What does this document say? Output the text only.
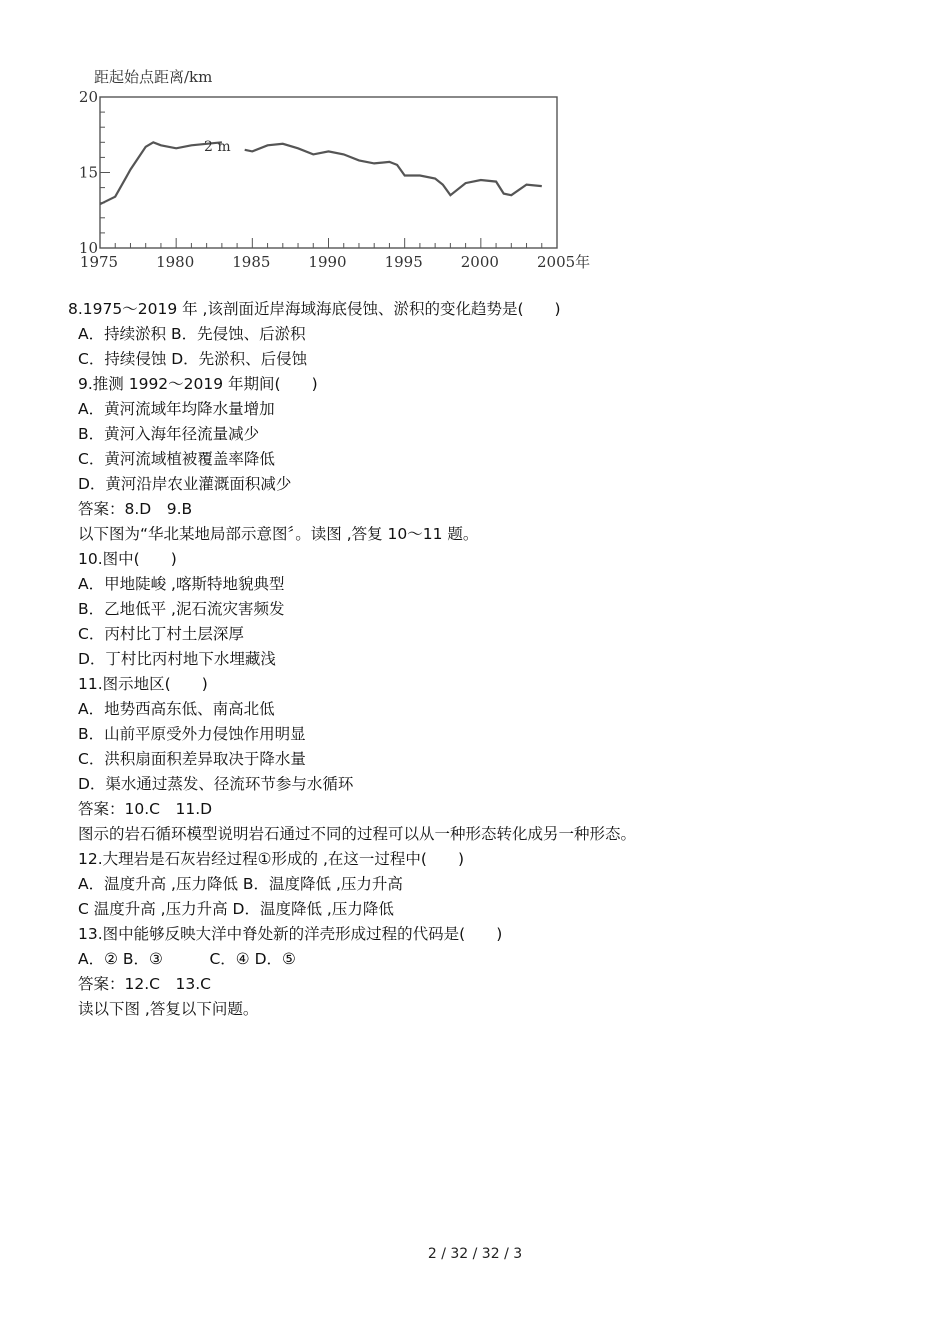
距起始点距离/km
1975	1980	1985	1990	1995	2000	2005年
20
15
10
2 m
8.1975～2019 年 ,该剖面近岸海域海底侵蚀、淤积的变化趋势是(　　)
A．持续淤积 B．先侵蚀、后淤积
C．持续侵蚀 D．先淤积、后侵蚀
9.推测 1992～2019 年期间(　　)
A．黄河流域年均降水量增加
B．黄河入海年径流量减少
C．黄河流域植被覆盖率降低
D．黄河沿岸农业灌溉面积减少
答案：8.D　9.B
以下图为“华北某地局部示意图〞。读图 ,答复 10～11 题。
10.图中(　　)
A．甲地陡峻 ,喀斯特地貌典型
B．乙地低平 ,泥石流灾害频发
C．丙村比丁村土层深厚
D．丁村比丙村地下水埋藏浅
11.图示地区(　　)
A．地势西高东低、南高北低
B．山前平原受外力侵蚀作用明显
C．洪积扇面积差异取决于降水量
D．渠水通过蒸发、径流环节参与水循环
答案：10.C　11.D
图示的岩石循环模型说明岩石通过不同的过程可以从一种形态转化成另一种形态。
12.大理岩是石灰岩经过程①形成的 ,在这一过程中(　　)
A．温度升高 ,压力降低 B．温度降低 ,压力升高
C 温度升高 ,压力升高 D．温度降低 ,压力降低
13.图中能够反映大洋中脊处新的洋壳形成过程的代码是(　　)
A．② B．③　　　C．④ D．⑤
答案：12.C　13.C
读以下图 ,答复以下问题。
2 / 32 / 32 / 3
